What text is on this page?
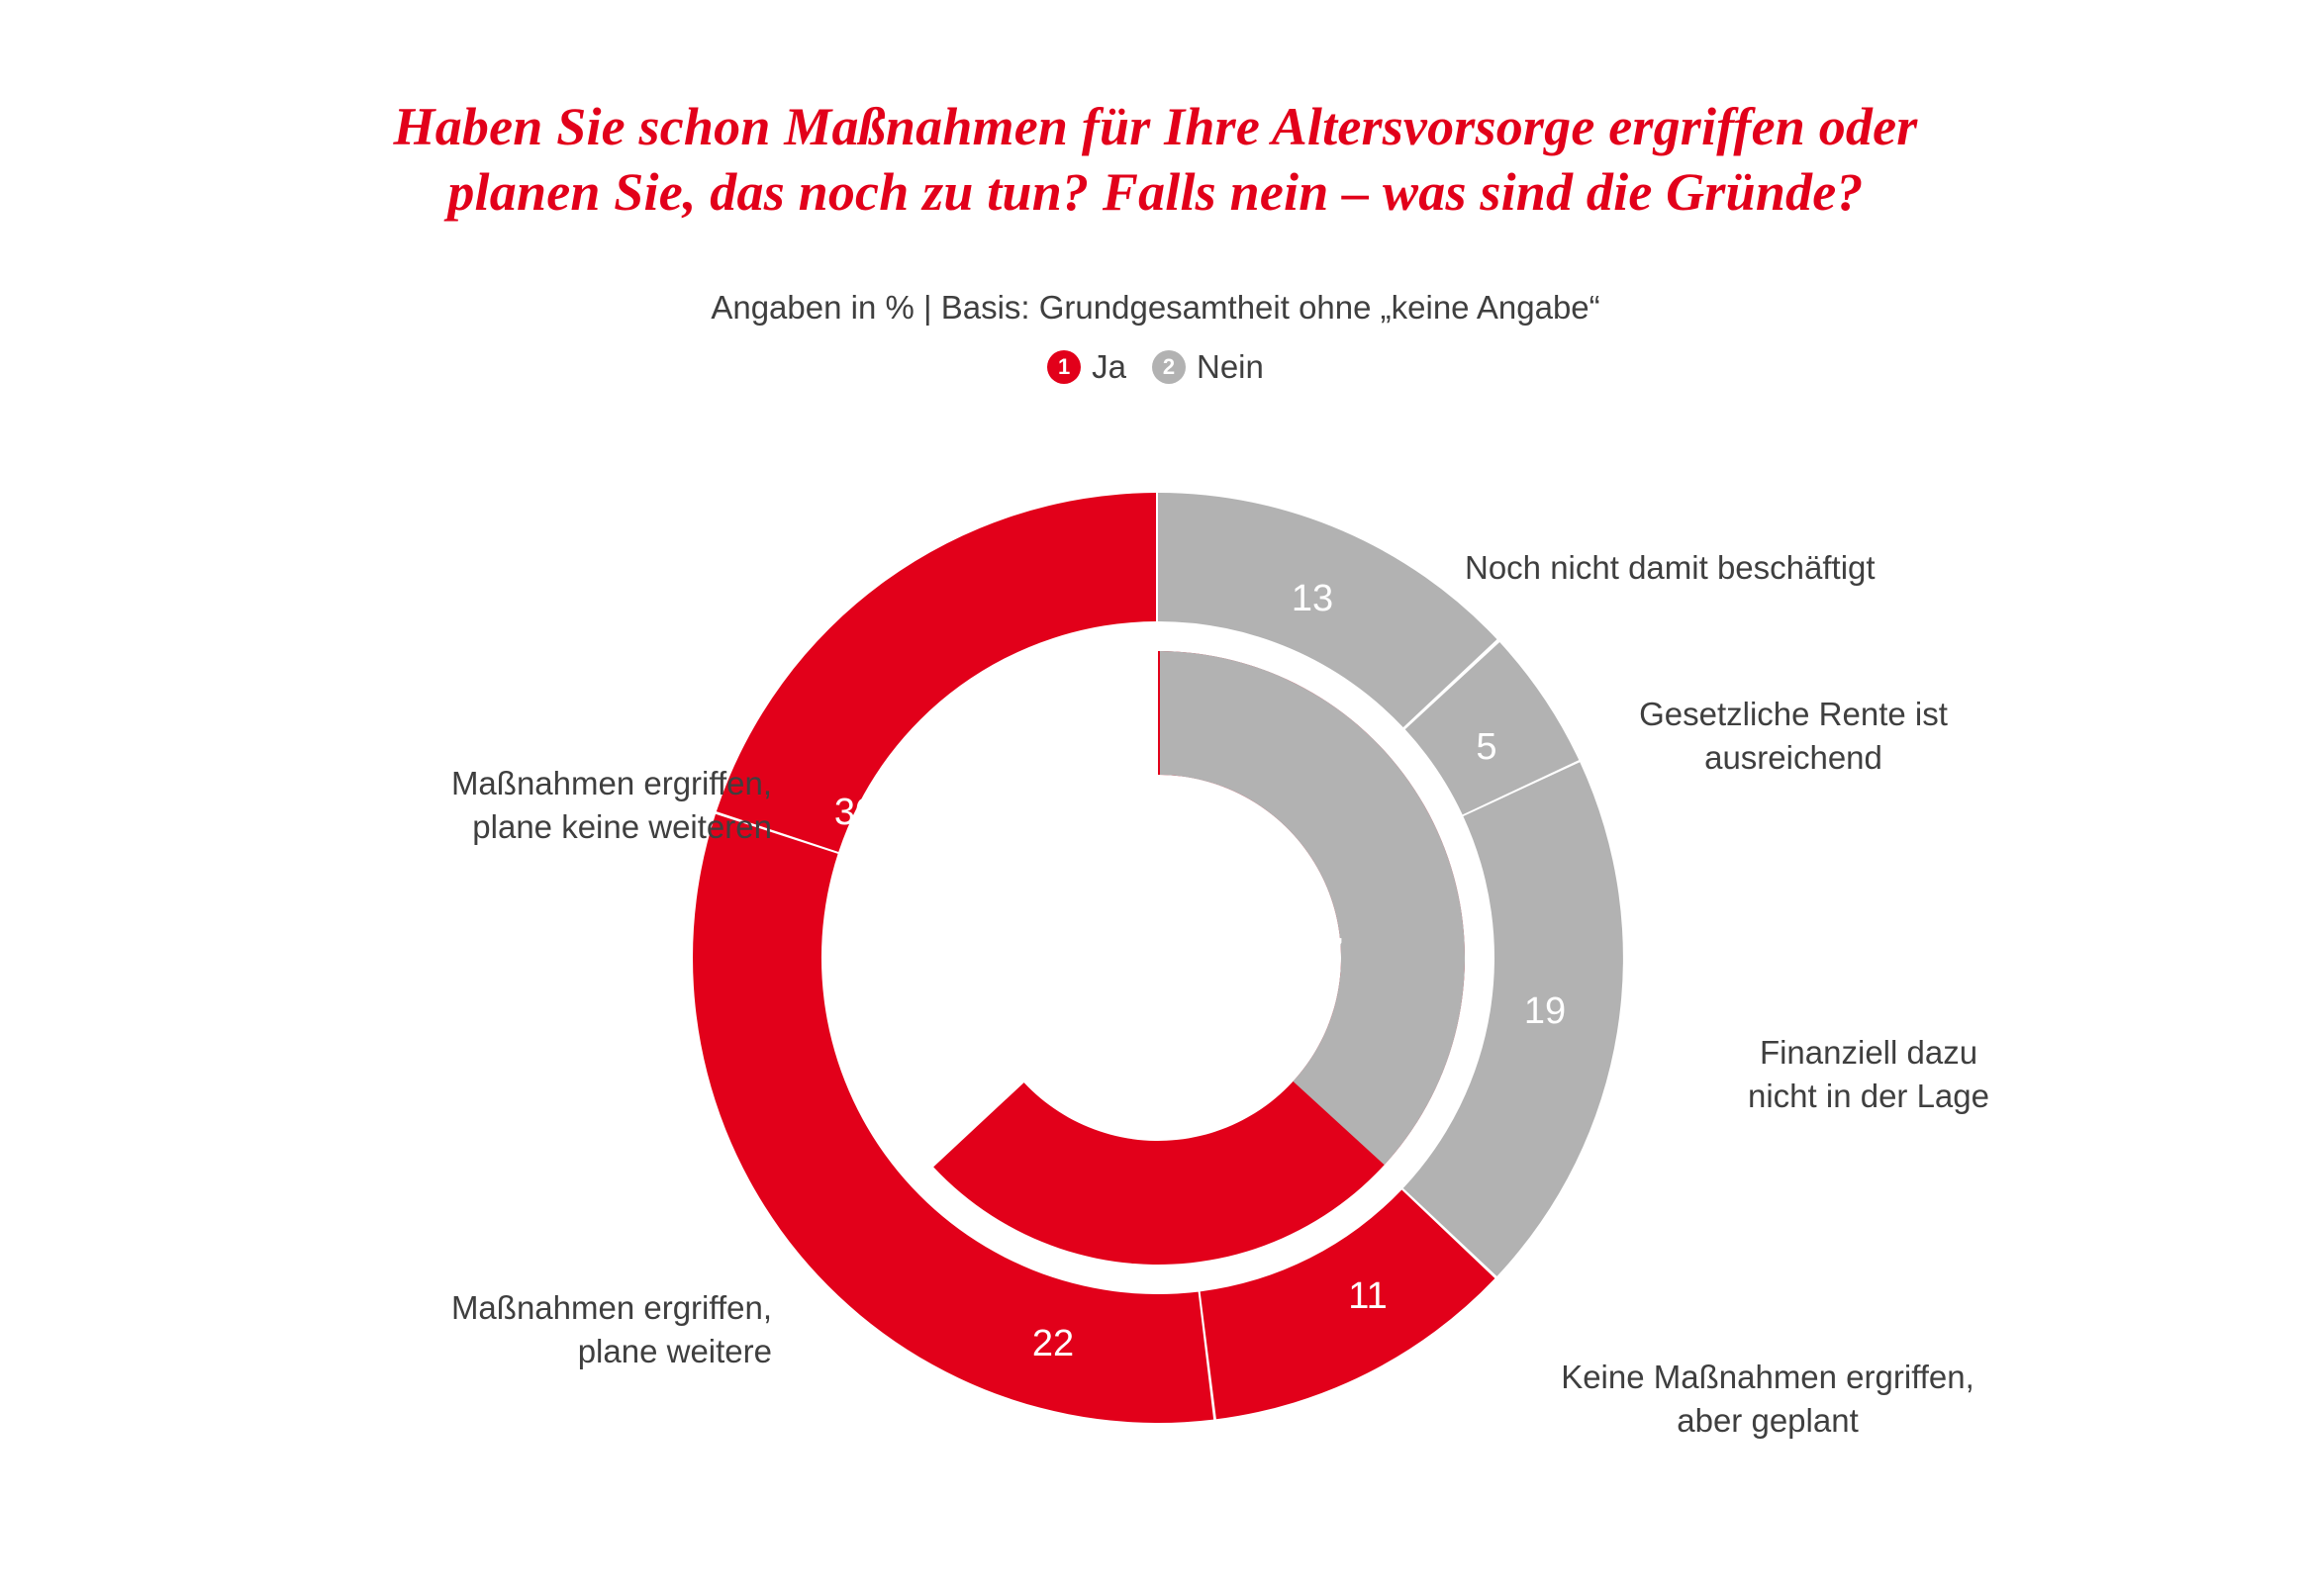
Haben Sie schon Maßnahmen für Ihre Altersvorsorge ergriffen oder
planen Sie, das noch zu tun? Falls nein – was sind die Gründe?
Angaben in % | Basis: Grundgesamtheit ohne „keine Angabe“
1 Ja	2 Nein
13
5
19
11
22
30
63	37
Noch nicht damit beschäftigt
Gesetzliche Rente ist
ausreichend
Finanziell dazu
nicht in der Lage
Keine Maßnahmen ergriffen,
aber geplant
Maßnahmen ergriffen,
plane keine weiteren
Maßnahmen ergriffen,
plane weitere
